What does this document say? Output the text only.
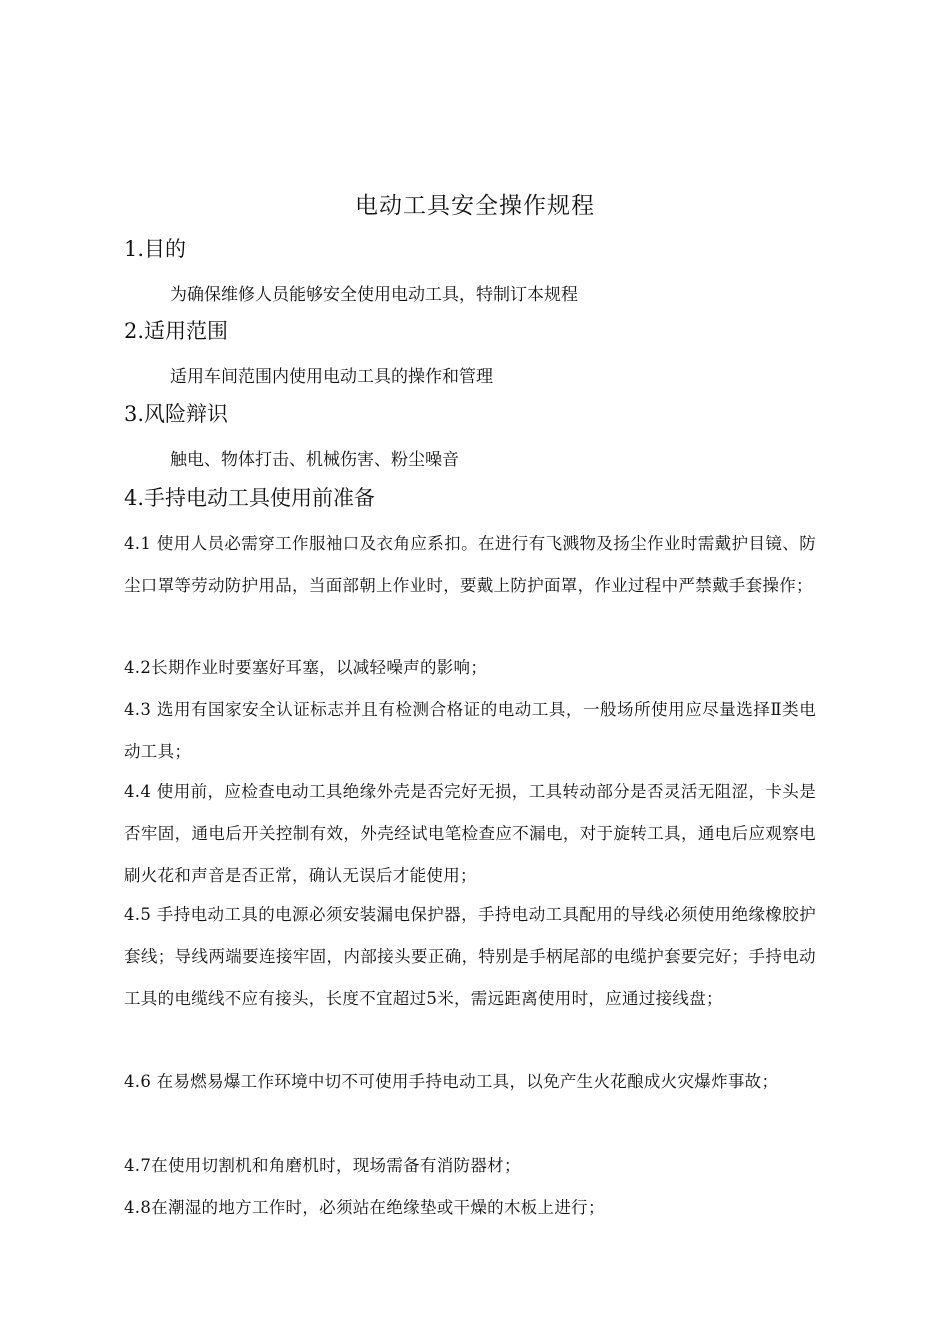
电动工具安全操作规程
1.目的
为确保维修人员能够安全使用电动工具，特制订本规程
2.适用范围
适用车间范围内使用电动工具的操作和管理
3.风险辩识
触电、物体打击、机械伤害、粉尘噪音
4.手持电动工具使用前准备
4.1 使用人员必需穿工作服袖口及衣角应系扣。在进行有飞溅物及扬尘作业时需戴护目镜、防尘口罩等劳动防护用品，当面部朝上作业时，要戴上防护面罩，作业过程中严禁戴手套操作；
4.2长期作业时要塞好耳塞，以减轻噪声的影响；
4.3 选用有国家安全认证标志并且有检测合格证的电动工具，一般场所使用应尽量选择Ⅱ类电动工具；
4.4 使用前，应检查电动工具绝缘外壳是否完好无损，工具转动部分是否灵活无阻涩，卡头是否牢固，通电后开关控制有效，外壳经试电笔检查应不漏电，对于旋转工具，通电后应观察电刷火花和声音是否正常，确认无误后才能使用；
4.5 手持电动工具的电源必须安装漏电保护器，手持电动工具配用的导线必须使用绝缘橡胶护套线；导线两端要连接牢固，内部接头要正确，特别是手柄尾部的电缆护套要完好；手持电动工具的电缆线不应有接头，长度不宜超过5米，需远距离使用时，应通过接线盘；
4.6 在易燃易爆工作环境中切不可使用手持电动工具，以免产生火花酿成火灾爆炸事故；
4.7在使用切割机和角磨机时，现场需备有消防器材；
4.8在潮湿的地方工作时，必须站在绝缘垫或干燥的木板上进行；
